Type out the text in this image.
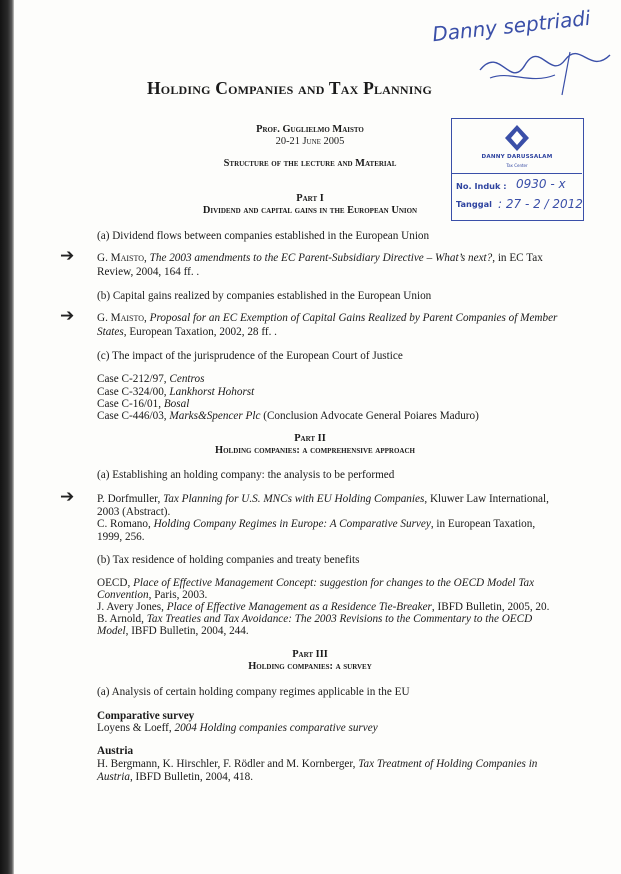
Danny septriadi
Holding Companies and Tax Planning
Prof. Guglielmo Maisto
20-21 June 2005
Structure of the lecture and Material
DANNY DARUSSALAM
Tax Center
No. Induk : 0930 - x
Tanggal : 27 - 2 / 2012
Part I
Dividend and capital gains in the European Union
(a) Dividend flows between companies established in the European Union
➔ G. Maisto, The 2003 amendments to the EC Parent-Subsidiary Directive – What’s next?, in EC Tax
Review, 2004, 164 ff. .
(b) Capital gains realized by companies established in the European Union
➔ G. Maisto, Proposal for an EC Exemption of Capital Gains Realized by Parent Companies of Member
States, European Taxation, 2002, 28 ff. .
(c) The impact of the jurisprudence of the European Court of Justice
Case C-212/97, Centros
Case C-324/00, Lankhorst Hohorst
Case C-16/01, Bosal
Case C-446/03, Marks&Spencer Plc (Conclusion Advocate General Poiares Maduro)
Part II
Holding companies: a comprehensive approach
(a) Establishing an holding company: the analysis to be performed
➔ P. Dorfmuller, Tax Planning for U.S. MNCs with EU Holding Companies, Kluwer Law International,
2003 (Abstract).
C. Romano, Holding Company Regimes in Europe: A Comparative Survey, in European Taxation,
1999, 256.
(b) Tax residence of holding companies and treaty benefits
OECD, Place of Effective Management Concept: suggestion for changes to the OECD Model Tax
Convention, Paris, 2003.
J. Avery Jones, Place of Effective Management as a Residence Tie-Breaker, IBFD Bulletin, 2005, 20.
B. Arnold, Tax Treaties and Tax Avoidance: The 2003 Revisions to the Commentary to the OECD
Model, IBFD Bulletin, 2004, 244.
Part III
Holding companies: a survey
(a) Analysis of certain holding company regimes applicable in the EU
Comparative survey
Loyens & Loeff, 2004 Holding companies comparative survey
Austria
H. Bergmann, K. Hirschler, F. Rödler and M. Kornberger, Tax Treatment of Holding Companies in
Austria, IBFD Bulletin, 2004, 418.
